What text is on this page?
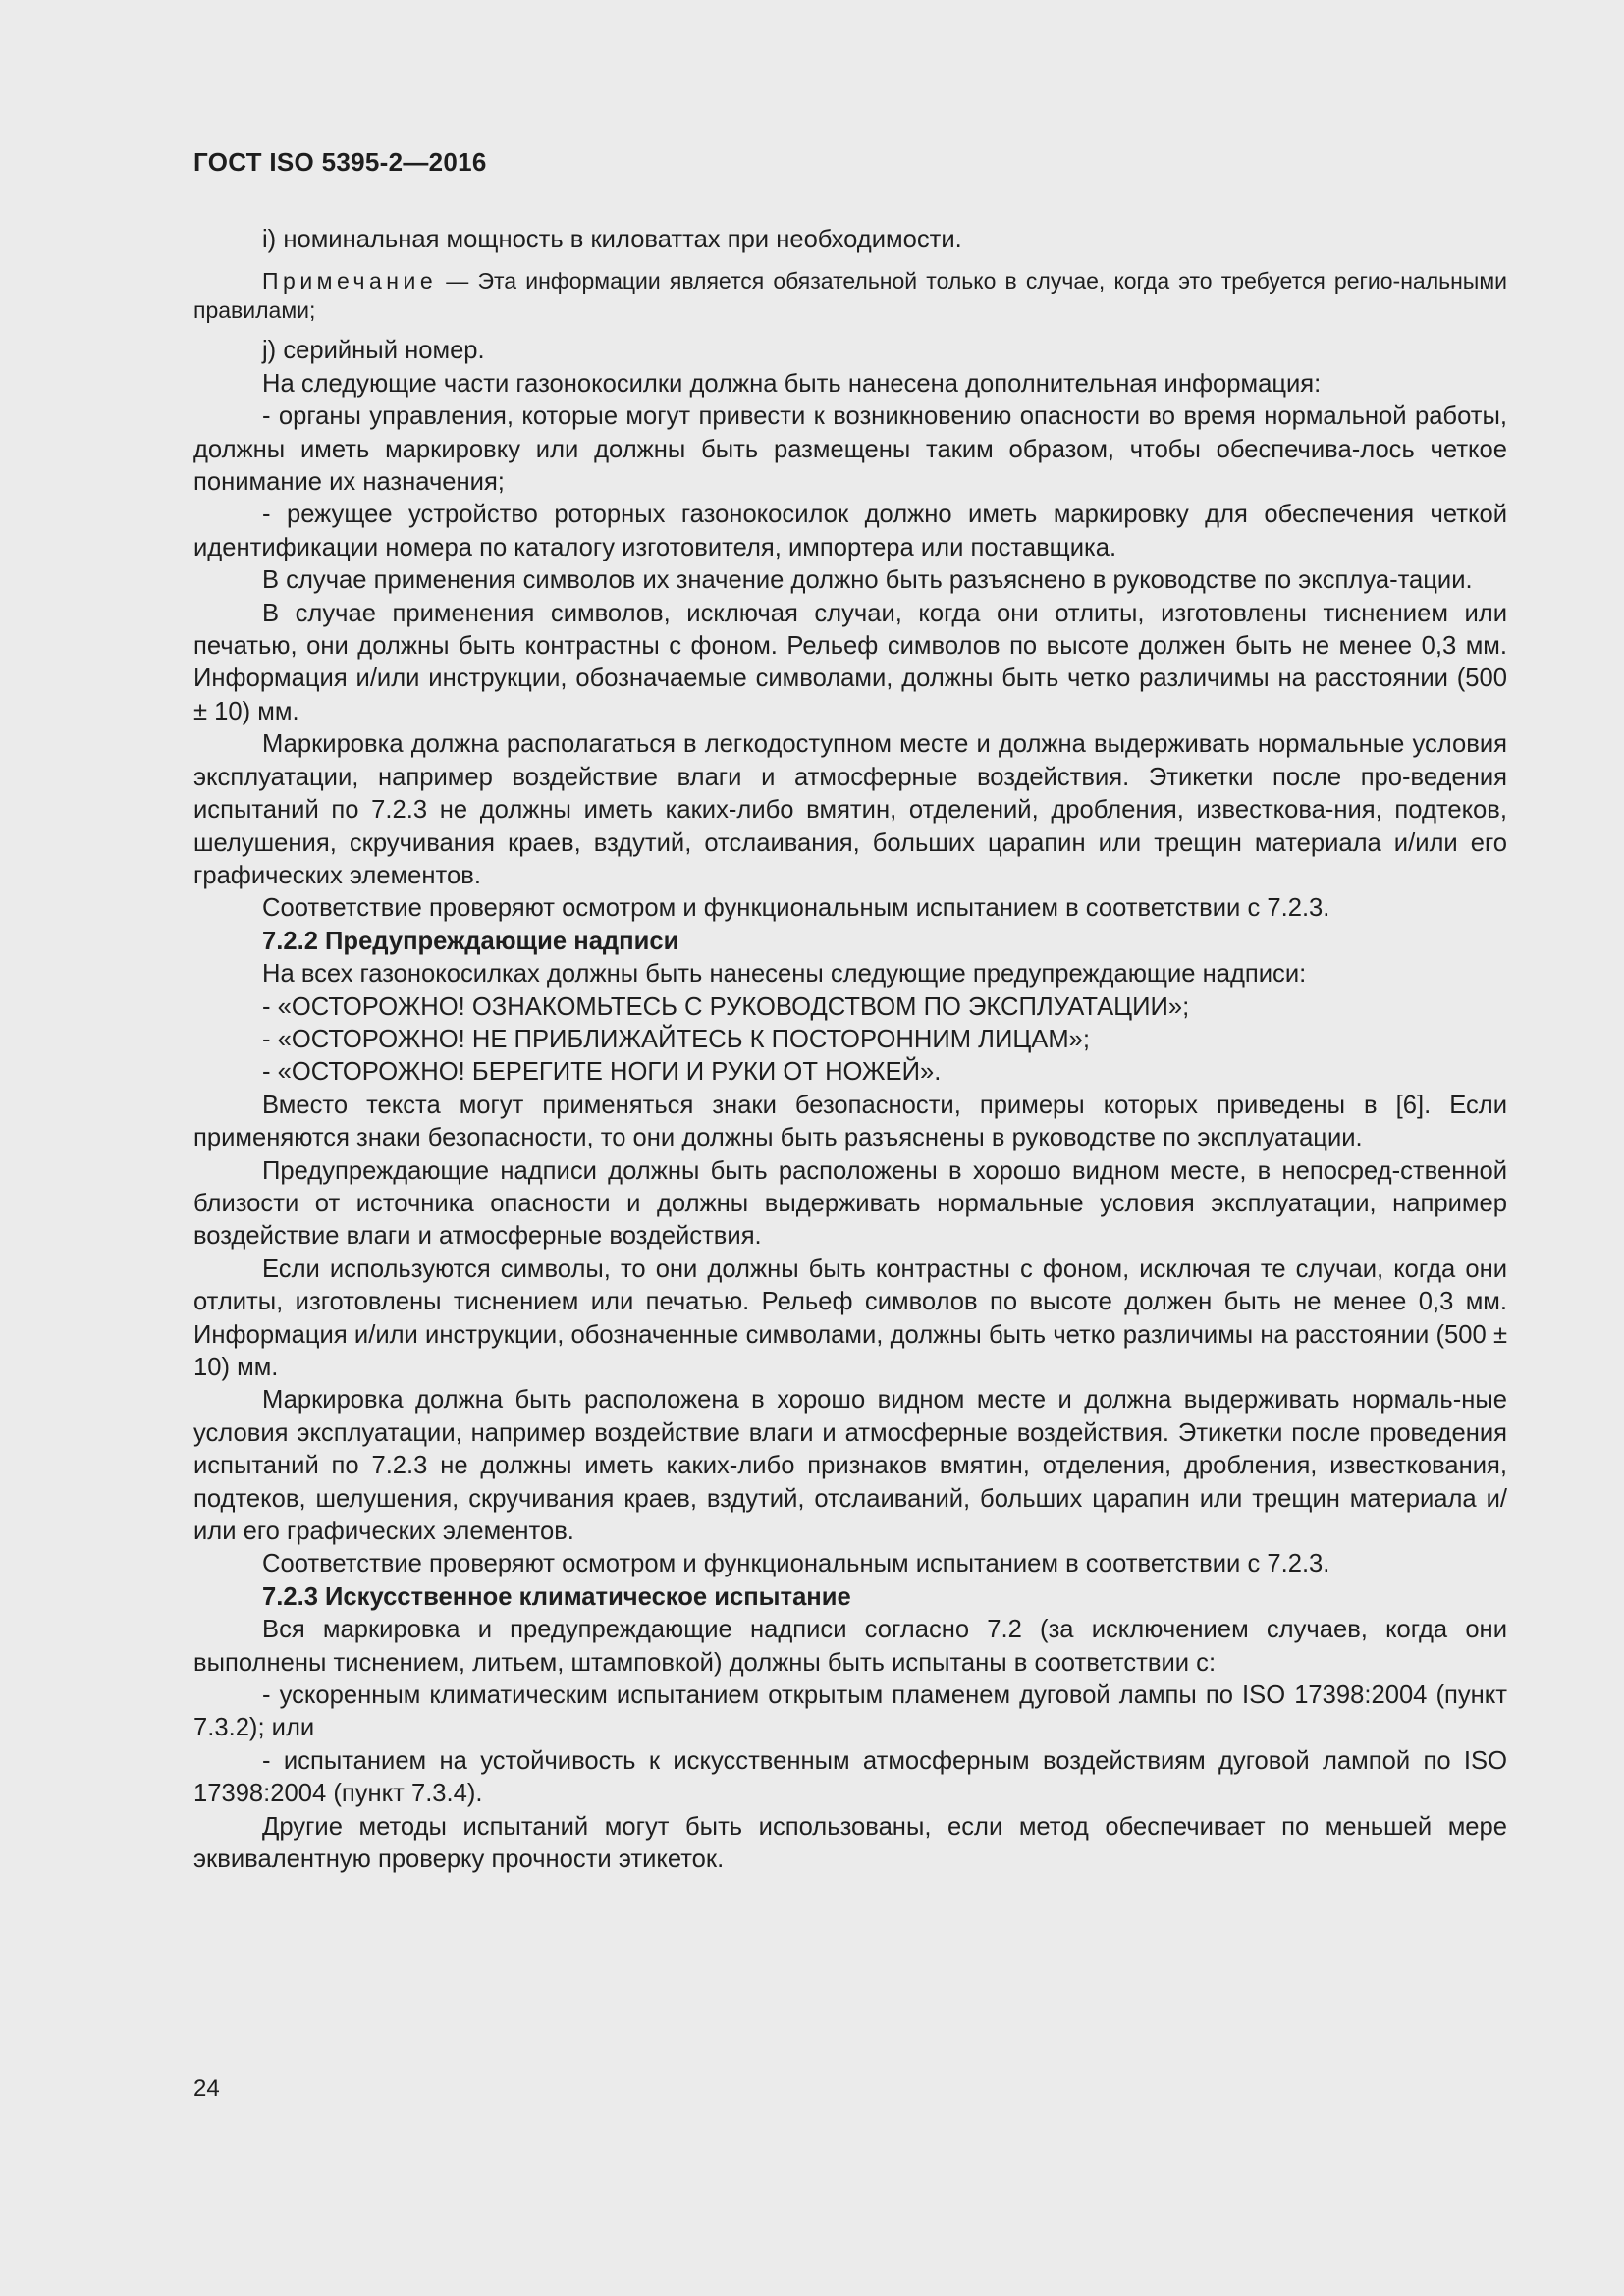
ГОСТ ISO 5395-2—2016

i) номинальная мощность в киловаттах при необходимости.

Примечание — Эта информации является обязательной только в случае, когда это требуется регио-нальными правилами;

j) серийный номер.

На следующие части газонокосилки должна быть нанесена дополнительная информация:

- органы управления, которые могут привести к возникновению опасности во время нормальной работы, должны иметь маркировку или должны быть размещены таким образом, чтобы обеспечива-лось четкое понимание их назначения;

- режущее устройство роторных газонокосилок должно иметь маркировку для обеспечения четкой идентификации номера по каталогу изготовителя, импортера или поставщика.

В случае применения символов их значение должно быть разъяснено в руководстве по эксплуа-тации.

В случае применения символов, исключая случаи, когда они отлиты, изготовлены тиснением или печатью, они должны быть контрастны с фоном. Рельеф символов по высоте должен быть не менее 0,3 мм. Информация и/или инструкции, обозначаемые символами, должны быть четко различимы на расстоянии (500 ± 10) мм.

Маркировка должна располагаться в легкодоступном месте и должна выдерживать нормальные условия эксплуатации, например воздействие влаги и атмосферные воздействия. Этикетки после про-ведения испытаний по 7.2.3 не должны иметь каких-либо вмятин, отделений, дробления, известкова-ния, подтеков, шелушения, скручивания краев, вздутий, отслаивания, больших царапин или трещин материала и/или его графических элементов.

Соответствие проверяют осмотром и функциональным испытанием в соответствии с 7.2.3.

7.2.2 Предупреждающие надписи

На всех газонокосилках должны быть нанесены следующие предупреждающие надписи:

- «ОСТОРОЖНО! ОЗНАКОМЬТЕСЬ С РУКОВОДСТВОМ ПО ЭКСПЛУАТАЦИИ»;

- «ОСТОРОЖНО! НЕ ПРИБЛИЖАЙТЕСЬ К ПОСТОРОННИМ ЛИЦАМ»;

- «ОСТОРОЖНО! БЕРЕГИТЕ НОГИ И РУКИ ОТ НОЖЕЙ».

Вместо текста могут применяться знаки безопасности, примеры которых приведены в [6]. Если применяются знаки безопасности, то они должны быть разъяснены в руководстве по эксплуатации.

Предупреждающие надписи должны быть расположены в хорошо видном месте, в непосред-ственной близости от источника опасности и должны выдерживать нормальные условия эксплуатации, например воздействие влаги и атмосферные воздействия.

Если используются символы, то они должны быть контрастны с фоном, исключая те случаи, когда они отлиты, изготовлены тиснением или печатью. Рельеф символов по высоте должен быть не менее 0,3 мм. Информация и/или инструкции, обозначенные символами, должны быть четко различимы на расстоянии (500 ± 10) мм.

Маркировка должна быть расположена в хорошо видном месте и должна выдерживать нормаль-ные условия эксплуатации, например воздействие влаги и атмосферные воздействия. Этикетки после проведения испытаний по 7.2.3 не должны иметь каких-либо признаков вмятин, отделения, дробления, известкования, подтеков, шелушения, скручивания краев, вздутий, отслаиваний, больших царапин или трещин материала и/или его графических элементов.

Соответствие проверяют осмотром и функциональным испытанием в соответствии с 7.2.3.

7.2.3 Искусственное климатическое испытание

Вся маркировка и предупреждающие надписи согласно 7.2 (за исключением случаев, когда они выполнены тиснением, литьем, штамповкой) должны быть испытаны в соответствии с:

- ускоренным климатическим испытанием открытым пламенем дуговой лампы по ISO 17398:2004 (пункт 7.3.2); или

- испытанием на устойчивость к искусственным атмосферным воздействиям дуговой лампой по ISO 17398:2004 (пункт 7.3.4).

Другие методы испытаний могут быть использованы, если метод обеспечивает по меньшей мере эквивалентную проверку прочности этикеток.

24
